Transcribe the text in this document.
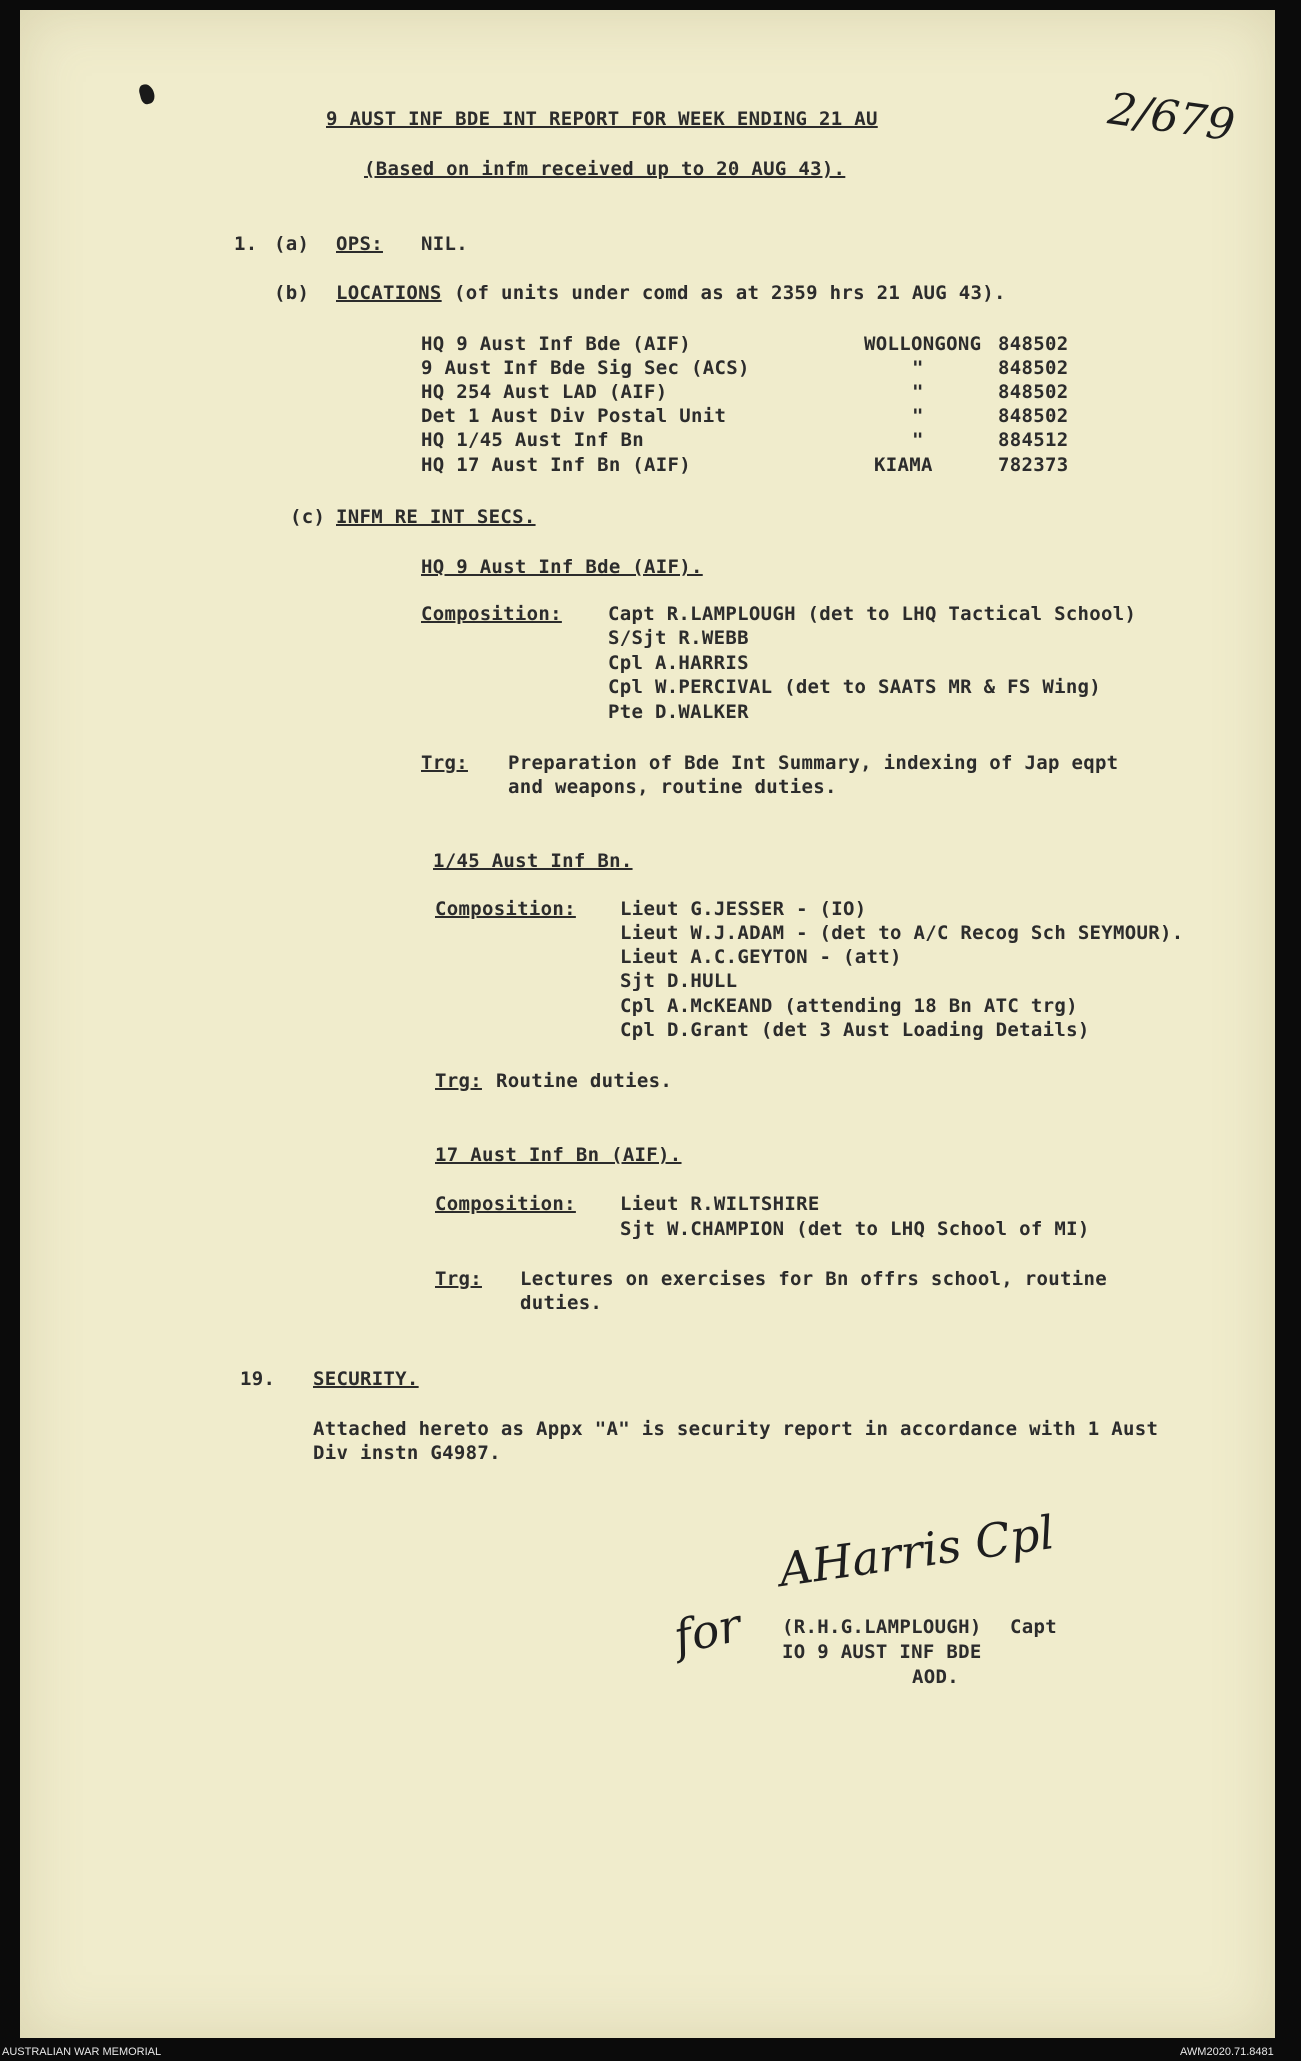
9 AUST INF BDE INT REPORT FOR WEEK ENDING 21 AU
(Based on infm received up to 20 AUG 43).
2/679
1. (a) OPS: NIL.
(b) LOCATIONS (of units under comd as at 2359 hrs 21 AUG 43).
HQ 9 Aust Inf Bde (AIF)	WOLLONGONG 848502
9 Aust Inf Bde Sig Sec (ACS)	"	848502
HQ 254 Aust LAD (AIF)	"	848502
Det 1 Aust Div Postal Unit	"	848502
HQ 1/45 Aust Inf Bn	"	884512
HQ 17 Aust Inf Bn (AIF)	KIAMA	782373
(c) INFM RE INT SECS.
HQ 9 Aust Inf Bde (AIF).
Composition: Capt R.LAMPLOUGH (det to LHQ Tactical School)
S/Sjt R.WEBB
Cpl A.HARRIS
Cpl W.PERCIVAL (det to SAATS MR & FS Wing)
Pte D.WALKER
Trg: Preparation of Bde Int Summary, indexing of Jap eqpt
and weapons, routine duties.
1/45 Aust Inf Bn.
Composition: Lieut G.JESSER - (IO)
Lieut W.J.ADAM - (det to A/C Recog Sch SEYMOUR).
Lieut A.C.GEYTON - (att)
Sjt D.HULL
Cpl A.McKEAND (attending 18 Bn ATC trg)
Cpl D.Grant (det 3 Aust Loading Details)
Trg: Routine duties.
17 Aust Inf Bn (AIF).
Composition: Lieut R.WILTSHIRE
Sjt W.CHAMPION (det to LHQ School of MI)
Trg: Lectures on exercises for Bn offrs school, routine
duties.
19. SECURITY.
Attached hereto as Appx "A" is security report in accordance with 1 Aust
Div instn G4987.
AHarris Cpl
for (R.H.G.LAMPLOUGH) Capt
IO 9 AUST INF BDE
AOD.
AUSTRALIAN WAR MEMORIAL	AWM2020.71.8481
